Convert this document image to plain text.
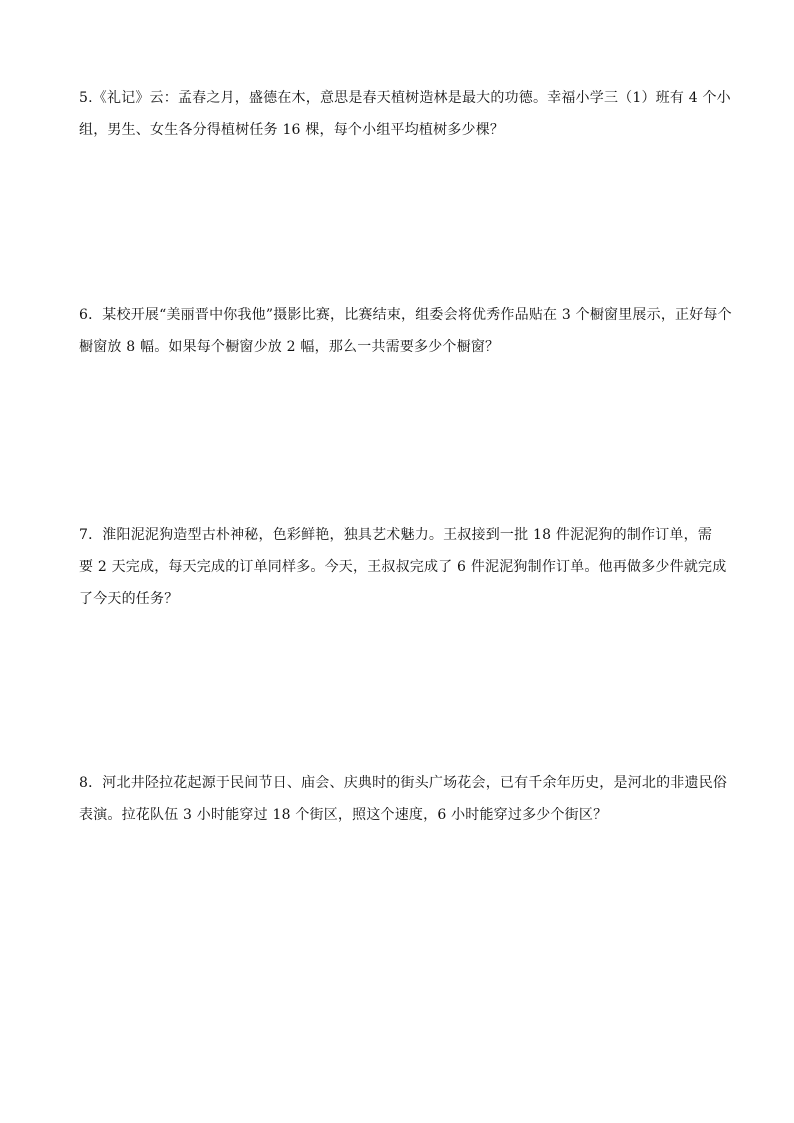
5.《礼记》云：孟春之月，盛德在木，意思是春天植树造林是最大的功德。幸福小学三（1）班有 4 个小
组，男生、女生各分得植树任务 16 棵，每个小组平均植树多少棵？
6．某校开展“美丽晋中你我他”摄影比赛，比赛结束，组委会将优秀作品贴在 3 个橱窗里展示，正好每个
橱窗放 8 幅。如果每个橱窗少放 2 幅，那么一共需要多少个橱窗？
7．淮阳泥泥狗造型古朴神秘，色彩鲜艳，独具艺术魅力。王叔接到一批 18 件泥泥狗的制作订单，需
要 2 天完成，每天完成的订单同样多。今天，王叔叔完成了 6 件泥泥狗制作订单。他再做多少件就完成
了今天的任务？
8．河北井陉拉花起源于民间节日、庙会、庆典时的街头广场花会，已有千余年历史，是河北的非遗民俗
表演。拉花队伍 3 小时能穿过 18 个街区，照这个速度，6 小时能穿过多少个街区？
